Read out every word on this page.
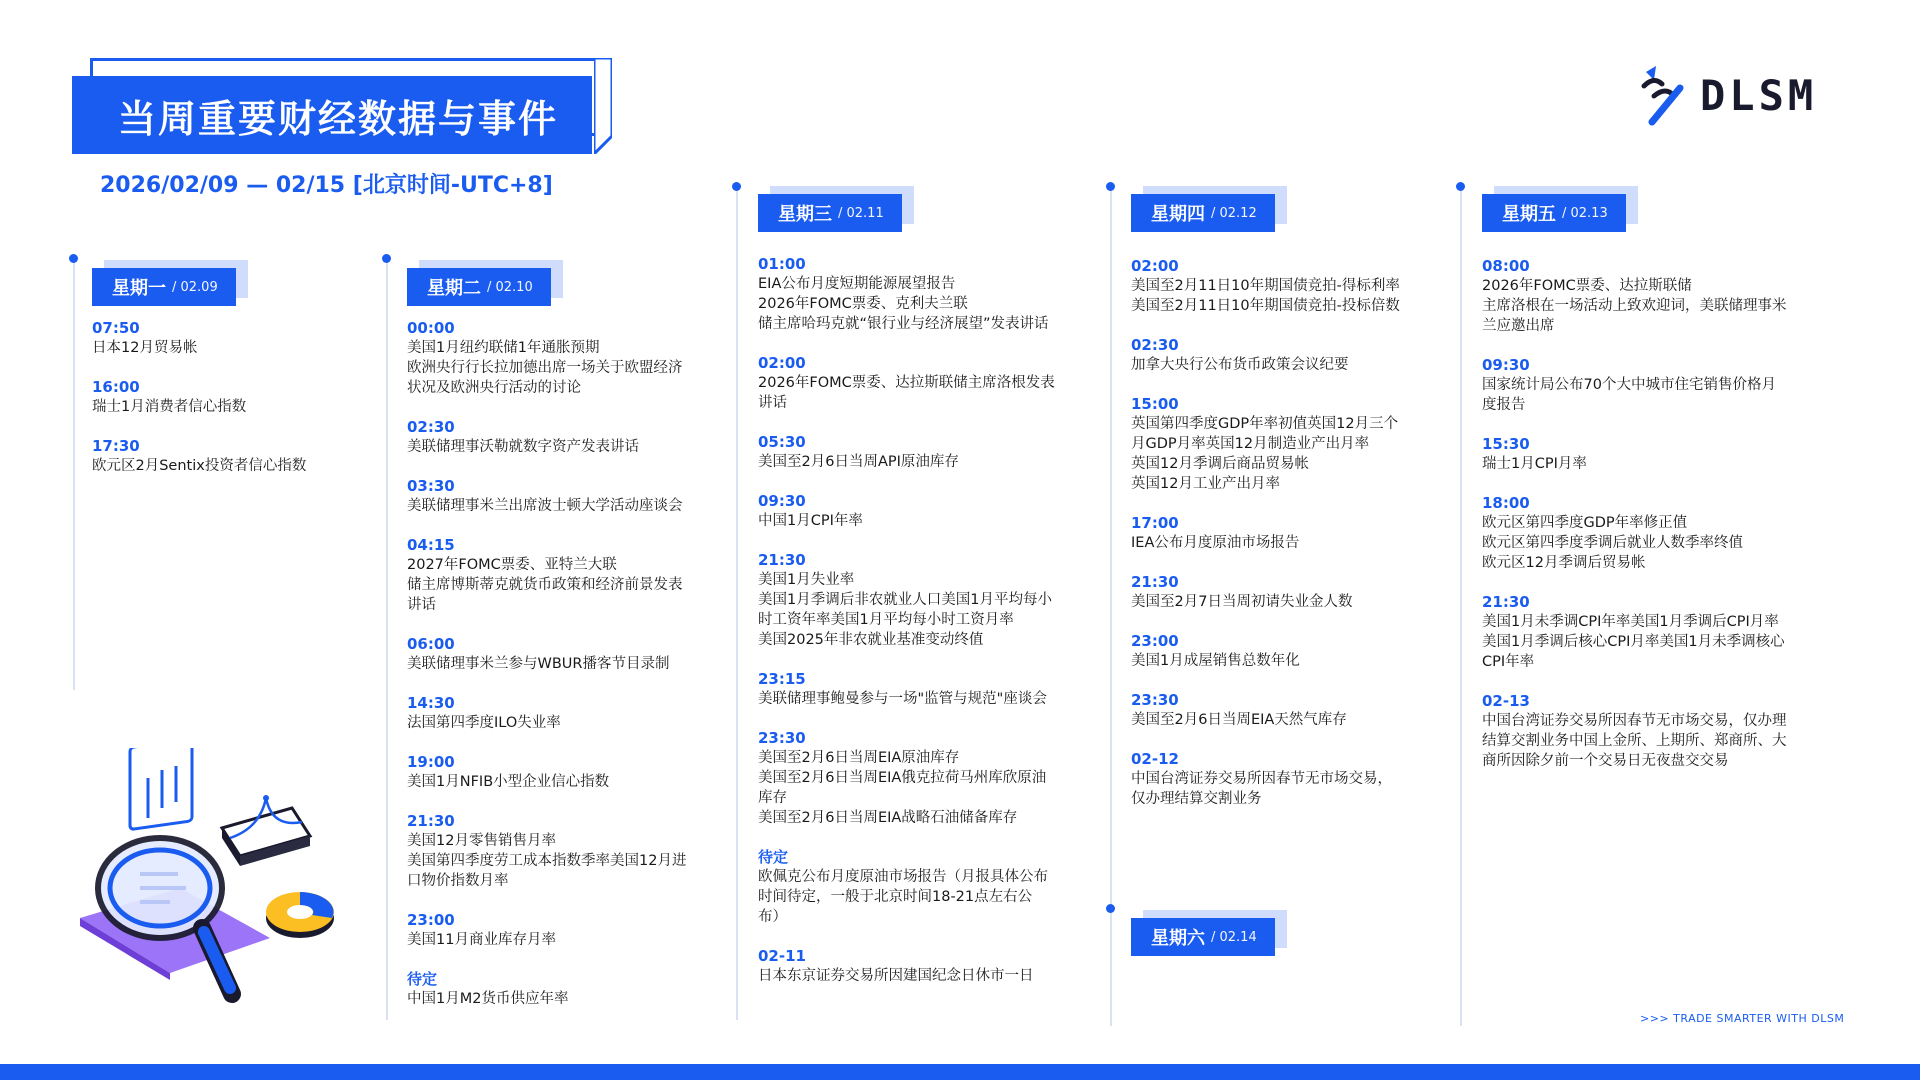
当周重要财经数据与事件
2026/02/09 — 02/15 [北京时间-UTC+8]
DLSM
星期一 / 02.09	星期二 / 02.10
星期三 / 02.11	星期四 / 02.12	星期五 / 02.13
星期六 / 02.14
07:50
日本12月贸易帐
16:00
瑞士1月消费者信心指数
17:30
欧元区2月Sentix投资者信心指数
00:00
美国1月纽约联储1年通胀预期
欧洲央行行长拉加德出席一场关于欧盟经济
状况及欧洲央行活动的讨论
02:30
美联储理事沃勒就数字资产发表讲话
03:30
美联储理事米兰出席波士顿大学活动座谈会
04:15
2027年FOMC票委、亚特兰大联
储主席博斯蒂克就货币政策和经济前景发表
讲话
06:00
美联储理事米兰参与WBUR播客节目录制
14:30
法国第四季度ILO失业率
19:00
美国1月NFIB小型企业信心指数
21:30
美国12月零售销售月率
美国第四季度劳工成本指数季率美国12月进
口物价指数月率
23:00
美国11月商业库存月率
待定
中国1月M2货币供应年率
01:00
EIA公布月度短期能源展望报告
2026年FOMC票委、克利夫兰联
储主席哈玛克就“银行业与经济展望”发表讲话
02:00
2026年FOMC票委、达拉斯联储主席洛根发表
讲话
05:30
美国至2月6日当周API原油库存
09:30
中国1月CPI年率
21:30
美国1月失业率
美国1月季调后非农就业人口美国1月平均每小
时工资年率美国1月平均每小时工资月率
美国2025年非农就业基准变动终值
23:15
美联储理事鲍曼参与一场"监管与规范"座谈会
23:30
美国至2月6日当周EIA原油库存
美国至2月6日当周EIA俄克拉荷马州库欣原油
库存
美国至2月6日当周EIA战略石油储备库存
待定
欧佩克公布月度原油市场报告（月报具体公布
时间待定，一般于北京时间18-21点左右公
布）
02-11
日本东京证券交易所因建国纪念日休市一日
02:00
美国至2月11日10年期国债竞拍-得标利率
美国至2月11日10年期国债竞拍-投标倍数
02:30
加拿大央行公布货币政策会议纪要
15:00
英国第四季度GDP年率初值英国12月三个
月GDP月率英国12月制造业产出月率
英国12月季调后商品贸易帐
英国12月工业产出月率
17:00
IEA公布月度原油市场报告
21:30
美国至2月7日当周初请失业金人数
23:00
美国1月成屋销售总数年化
23:30
美国至2月6日当周EIA天然气库存
02-12
中国台湾证券交易所因春节无市场交易，
仅办理结算交割业务
08:00
2026年FOMC票委、达拉斯联储
主席洛根在一场活动上致欢迎词，美联储理事米
兰应邀出席
09:30
国家统计局公布70个大中城市住宅销售价格月
度报告
15:30
瑞士1月CPI月率
18:00
欧元区第四季度GDP年率修正值
欧元区第四季度季调后就业人数季率终值
欧元区12月季调后贸易帐
21:30
美国1月未季调CPI年率美国1月季调后CPI月率
美国1月季调后核心CPI月率美国1月未季调核心
CPI年率
02-13
中国台湾证券交易所因春节无市场交易，仅办理
结算交割业务中国上金所、上期所、郑商所、大
商所因除夕前一个交易日无夜盘交交易
>>> TRADE SMARTER WITH DLSM
